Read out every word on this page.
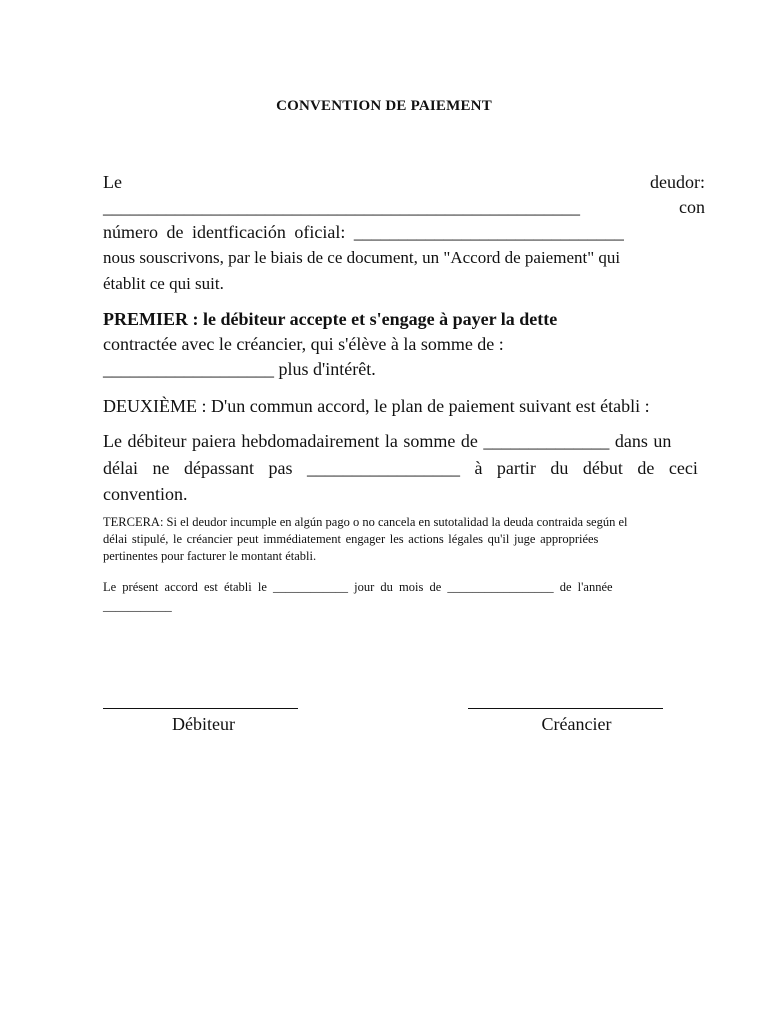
CONVENTION DE PAIEMENT
Le	deudor:
_____________________________________________________	con
número de identficación oficial: ______________________________
nous souscrivons, par le biais de ce document, un "Accord de paiement" qui
établit ce qui suit.
PREMIER : le débiteur accepte et s'engage à payer la dette
contractée avec le créancier, qui s'élève à la somme de :
___________________ plus d'intérêt.
DEUXIÈME : D'un commun accord, le plan de paiement suivant est établi :
Le débiteur paiera hebdomadairement la somme de ______________ dans un
délai ne dépassant pas _________________ à partir du début de ceci
convention.
TERCERA: Si el deudor incumple en algún pago o no cancela en sutotalidad la deuda contraida según el
délai stipulé, le créancier peut immédiatement engager les actions légales qu'il juge appropriées
pertinentes pour facturer le montant établi.
Le présent accord est établi le ____________ jour du mois de _________________ de l'année
___________
Débiteur	Créancier
